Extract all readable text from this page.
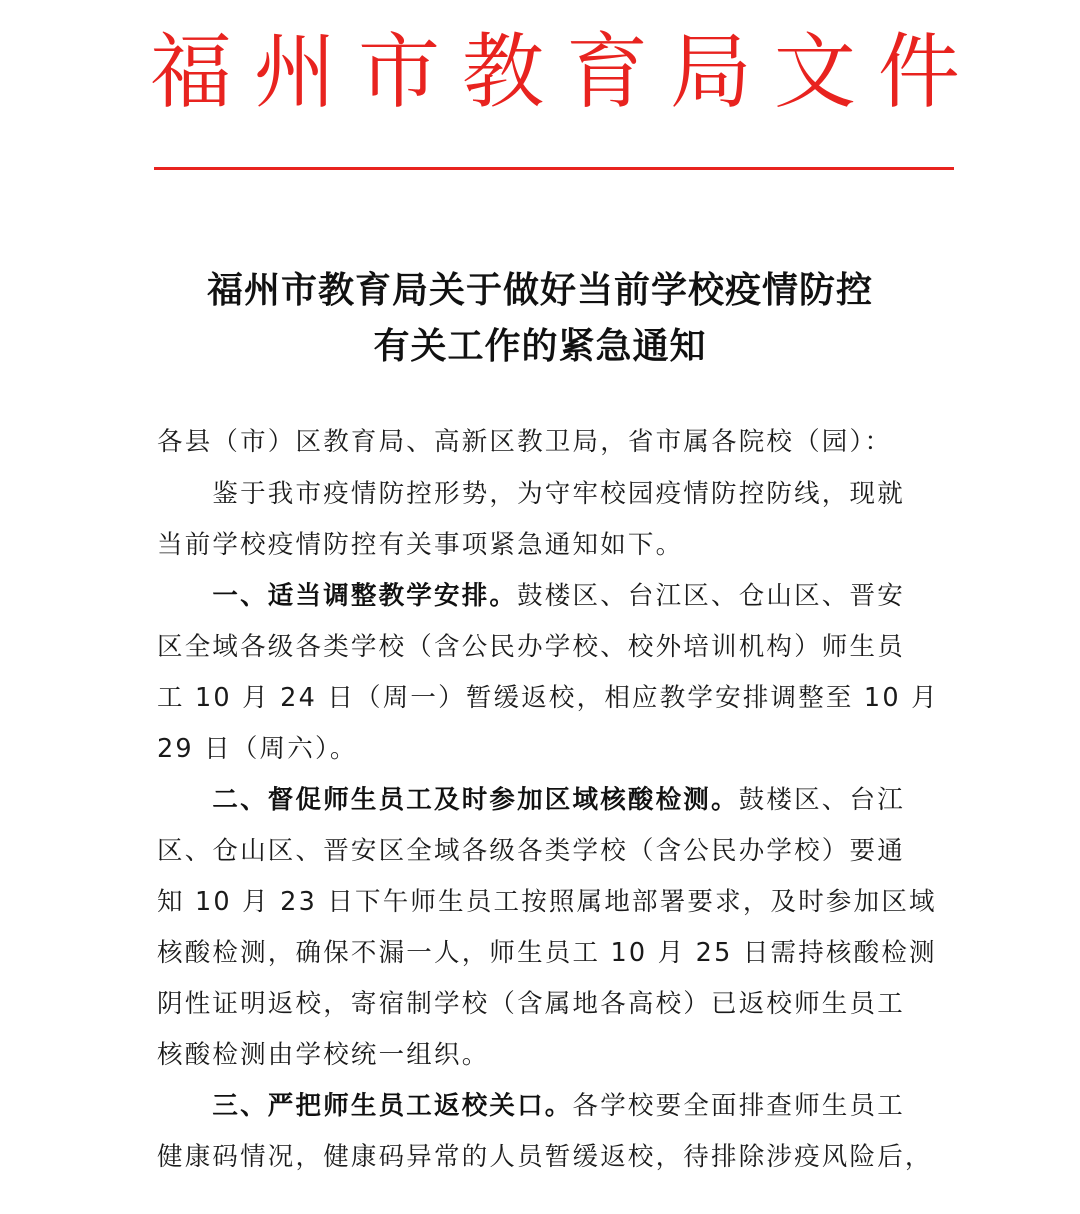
福 州 市 教 育 局 文 件
福州市教育局关于做好当前学校疫情防控
有关工作的紧急通知
各县（市）区教育局、高新区教卫局，省市属各院校（园）：
　　鉴于我市疫情防控形势，为守牢校园疫情防控防线，现就
当前学校疫情防控有关事项紧急通知如下。
　　一、适当调整教学安排。鼓楼区、台江区、仓山区、晋安
区全域各级各类学校（含公民办学校、校外培训机构）师生员
工 10 月 24 日（周一）暂缓返校，相应教学安排调整至 10 月
29 日（周六）。
　　二、督促师生员工及时参加区域核酸检测。鼓楼区、台江
区、仓山区、晋安区全域各级各类学校（含公民办学校）要通
知 10 月 23 日下午师生员工按照属地部署要求，及时参加区域
核酸检测，确保不漏一人，师生员工 10 月 25 日需持核酸检测
阴性证明返校，寄宿制学校（含属地各高校）已返校师生员工
核酸检测由学校统一组织。
　　三、严把师生员工返校关口。各学校要全面排查师生员工
健康码情况，健康码异常的人员暂缓返校，待排除涉疫风险后，
